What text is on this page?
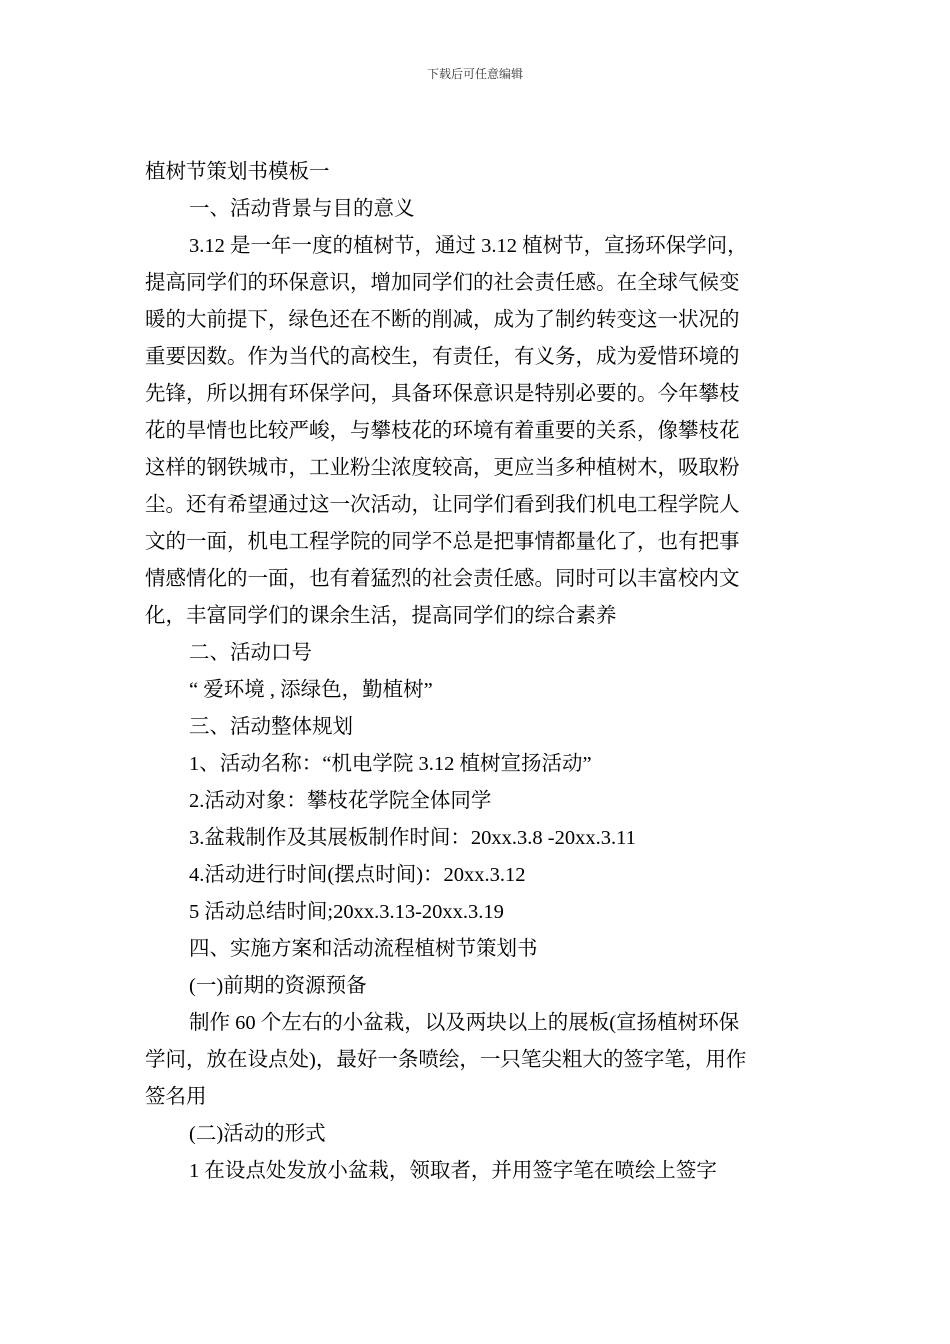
下载后可任意编辑

植树节策划书模板一

一、活动背景与目的意义

3.12 是一年一度的植树节，通过 3.12 植树节，宣扬环保学问，

提高同学们的环保意识，增加同学们的社会责任感。在全球气候变

暖的大前提下，绿色还在不断的削减，成为了制约转变这一状况的

重要因数。作为当代的高校生，有责任，有义务，成为爱惜环境的

先锋，所以拥有环保学问，具备环保意识是特别必要的。今年攀枝

花的旱情也比较严峻，与攀枝花的环境有着重要的关系，像攀枝花

这样的钢铁城市，工业粉尘浓度较高，更应当多种植树木，吸取粉

尘。还有希望通过这一次活动，让同学们看到我们机电工程学院人

文的一面，机电工程学院的同学不总是把事情都量化了，也有把事

情感情化的一面，也有着猛烈的社会责任感。同时可以丰富校内文

化，丰富同学们的课余生活，提高同学们的综合素养

二、活动口号

“ 爱环境 , 添绿色，勤植树”

三、活动整体规划

1、活动名称：“机电学院 3.12 植树宣扬活动”

2.活动对象：攀枝花学院全体同学

3.盆栽制作及其展板制作时间：20xx.3.8 -20xx.3.11

4.活动进行时间(摆点时间)：20xx.3.12

5 活动总结时间;20xx.3.13-20xx.3.19

四、实施方案和活动流程植树节策划书

(一)前期的资源预备

制作 60 个左右的小盆栽，以及两块以上的展板(宣扬植树环保

学问，放在设点处)，最好一条喷绘，一只笔尖粗大的签字笔，用作

签名用

(二)活动的形式

1 在设点处发放小盆栽，领取者，并用签字笔在喷绘上签字
